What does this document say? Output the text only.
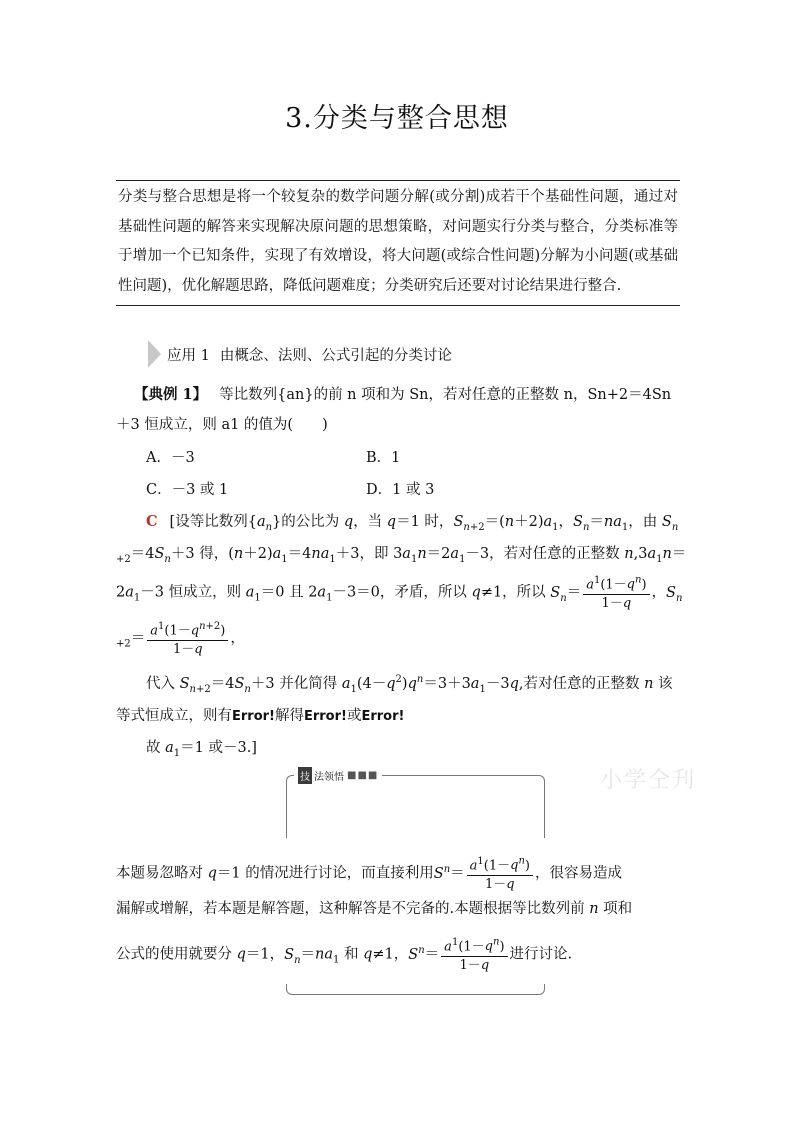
3.分类与整合思想

分类与整合思想是将一个较复杂的数学问题分解(或分割)成若干个基础性问题，通过对基础性问题的解答来实现解决原问题的思想策略，对问题实行分类与整合，分类标准等于增加一个已知条件，实现了有效增设，将大问题(或综合性问题)分解为小问题(或基础性问题)，优化解题思路，降低问题难度；分类研究后还要对讨论结果进行整合.

应用 1 由概念、法则、公式引起的分类讨论
【典例 1】 等比数列{an}的前 n 项和为 Sn，若对任意的正整数 n，Sn+2＝4Sn
＋3 恒成立，则 a1 的值为(　　)
A．－3	B．1
C．－3 或 1	D．1 或 3
C [设等比数列$\{a_n\}$的公比为 q，当 q＝1 时，$S_{n+2}=(n+2)a_1$，$S_n=na_1$，由 $S_n$
$_{+2}=4S_n+3$ 得，$(n+2)a_1=4na_1+3$，即 $3a_1n=2a_1-3$，若对任意的正整数 $n,3a_1n=$
$2a_1-3$ 恒成立，则 $a_1=0$ 且 $2a_1-3=0$，矛盾，所以 q≠1，所以 $S_n= \frac{a^1(1-q^n)}{1-q}$ ，$S_n$
$_{+2}= \frac{a^1(1-q^{n+2})}{1-q}$ ，
代入 $S_{n+2}=4S_n+3$ 并化简得 $a_1(4-q^2)q^n=3+3a_1-3q$,若对任意的正整数 n 该
等式恒成立，则有Error!解得Error!或Error!
故 $a_1=1$ 或－3.]
小学仝刋
技 法领悟 ■■■
本题易忽略对 q＝1 的情况进行讨论，而直接利用$S^n= \frac{a^1(1-q^n)}{1-q}$ ，很容易造成
漏解或增解，若本题是解答题，这种解答是不完备的.本题根据等比数列前 n 项和
公式的使用就要分 q＝1，$S_n=na_1$ 和 q≠1，$S^n= \frac{a^1(1-q^n)}{1-q}$ 进行讨论.
